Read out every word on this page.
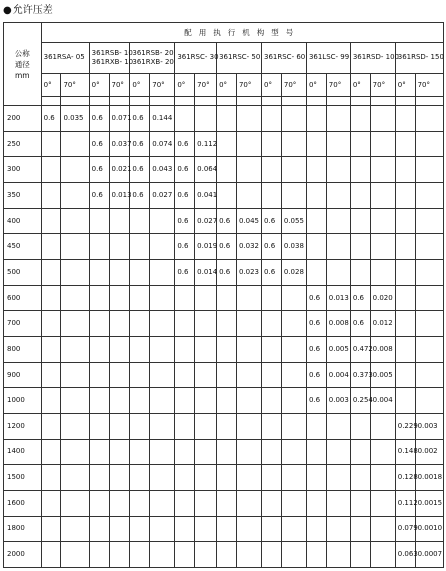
●允许压差
公称
通径
mm	配用执行机构型号																	

	361RSA- 05		361RSB- 10
361RXB- 10		361RSB- 20
361RXB- 20		361RSC- 30		361RSC- 50		361RSC- 60		361LSC- 99		361RSD- 100		361RSD- 150	

	0°	70°	0°	70°	0°	70°	0°	70°	0°	70°	0°	70°	0°	70°	0°	70°	0°	70°

200	0.6	0.035	0.6	0.071	0.6	0.144												
250			0.6	0.037	0.6	0.074	0.6	0.112										
300			0.6	0.021	0.6	0.043	0.6	0.064										
350			0.6	0.013	0.6	0.027	0.6	0.041										
400							0.6	0.027	0.6	0.045	0.6	0.055						
450							0.6	0.019	0.6	0.032	0.6	0.038						
500							0.6	0.014	0.6	0.023	0.6	0.028						
600													0.6	0.013	0.6	0.020		
700													0.6	0.008	0.6	0.012		
800													0.6	0.005	0.472	0.008		
900													0.6	0.004	0.373	0.005		
1000													0.6	0.003	0.254	0.004		
1200																	0.229	0.003
1400																	0.148	0.002
1500																	0.128	0.0018
1600																	0.112	0.0015
1800																	0.079	0.0010
2000																	0.063	0.0007
